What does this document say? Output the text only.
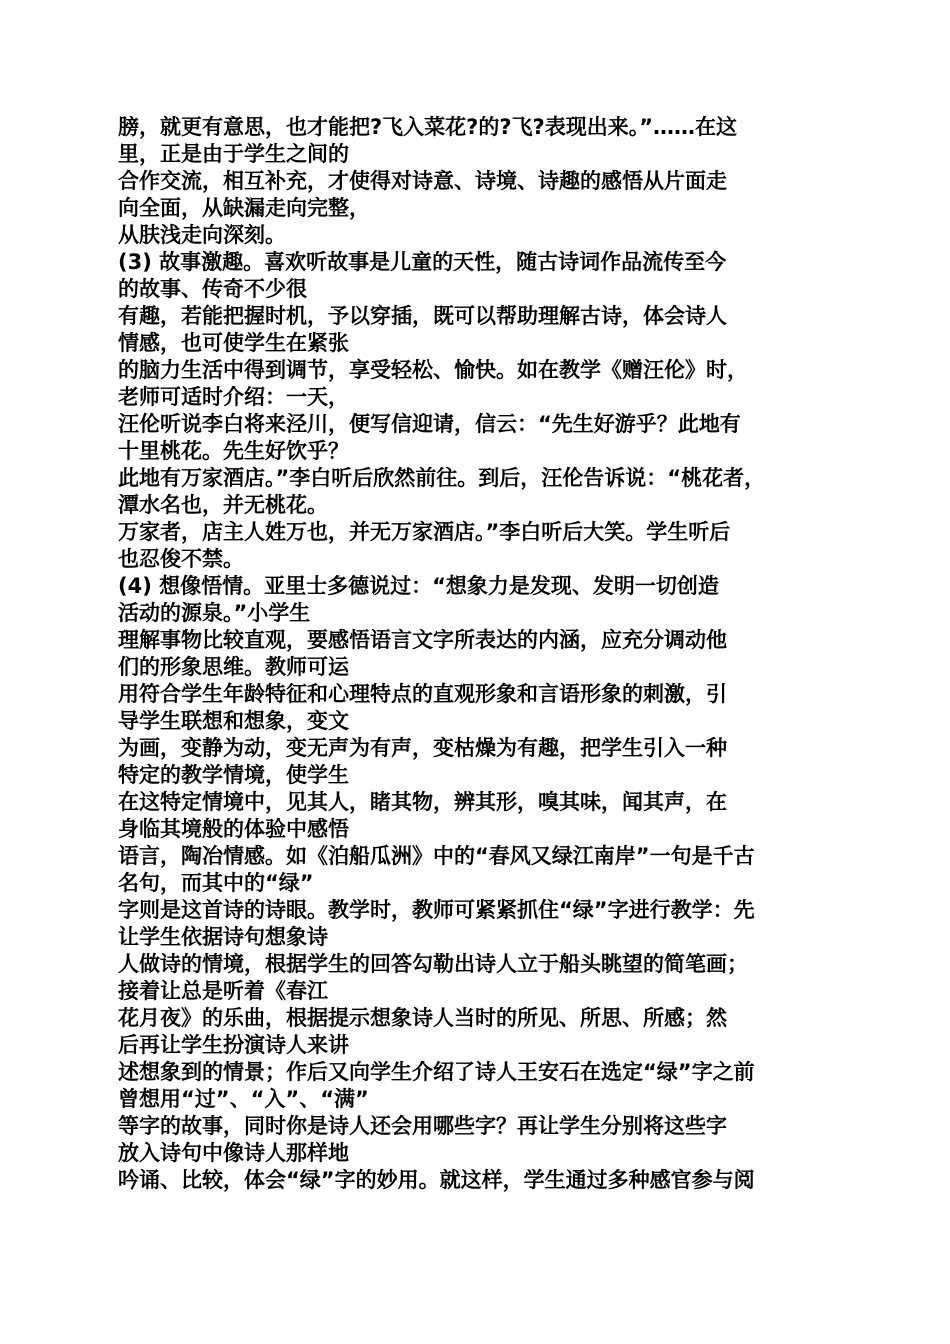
膀，就更有意思，也才能把?飞入菜花?的?飞?表现出来。”……在这
里，正是由于学生之间的
合作交流，相互补充，才使得对诗意、诗境、诗趣的感悟从片面走
向全面，从缺漏走向完整，
从肤浅走向深刻。
(3) 故事激趣。喜欢听故事是儿童的天性，随古诗词作品流传至今
的故事、传奇不少很
有趣，若能把握时机，予以穿插，既可以帮助理解古诗，体会诗人
情感，也可使学生在紧张
的脑力生活中得到调节，享受轻松、愉快。如在教学《赠汪伦》时，
老师可适时介绍：一天，
汪伦听说李白将来泾川，便写信迎请，信云：“先生好游乎？此地有
十里桃花。先生好饮乎？
此地有万家酒店。”李白听后欣然前往。到后，汪伦告诉说：“桃花者，
潭水名也，并无桃花。
万家者，店主人姓万也，并无万家酒店。”李白听后大笑。学生听后
也忍俊不禁。
(4) 想像悟情。亚里士多德说过：“想象力是发现、发明一切创造
活动的源泉。”小学生
理解事物比较直观，要感悟语言文字所表达的内涵，应充分调动他
们的形象思维。教师可运
用符合学生年龄特征和心理特点的直观形象和言语形象的刺激，引
导学生联想和想象，变文
为画，变静为动，变无声为有声，变枯燥为有趣，把学生引入一种
特定的教学情境，使学生
在这特定情境中，见其人，睹其物，辨其形，嗅其味，闻其声，在
身临其境般的体验中感悟
语言，陶冶情感。如《泊船瓜洲》中的“春风又绿江南岸”一句是千古
名句，而其中的“绿”
字则是这首诗的诗眼。教学时，教师可紧紧抓住“绿”字进行教学：先
让学生依据诗句想象诗
人做诗的情境，根据学生的回答勾勒出诗人立于船头眺望的简笔画；
接着让总是听着《春江
花月夜》的乐曲，根据提示想象诗人当时的所见、所思、所感；然
后再让学生扮演诗人来讲
述想象到的情景；作后又向学生介绍了诗人王安石在选定“绿”字之前
曾想用“过”、“入”、“满”
等字的故事，同时你是诗人还会用哪些字？再让学生分别将这些字
放入诗句中像诗人那样地
吟诵、比较，体会“绿”字的妙用。就这样，学生通过多种感官参与阅
